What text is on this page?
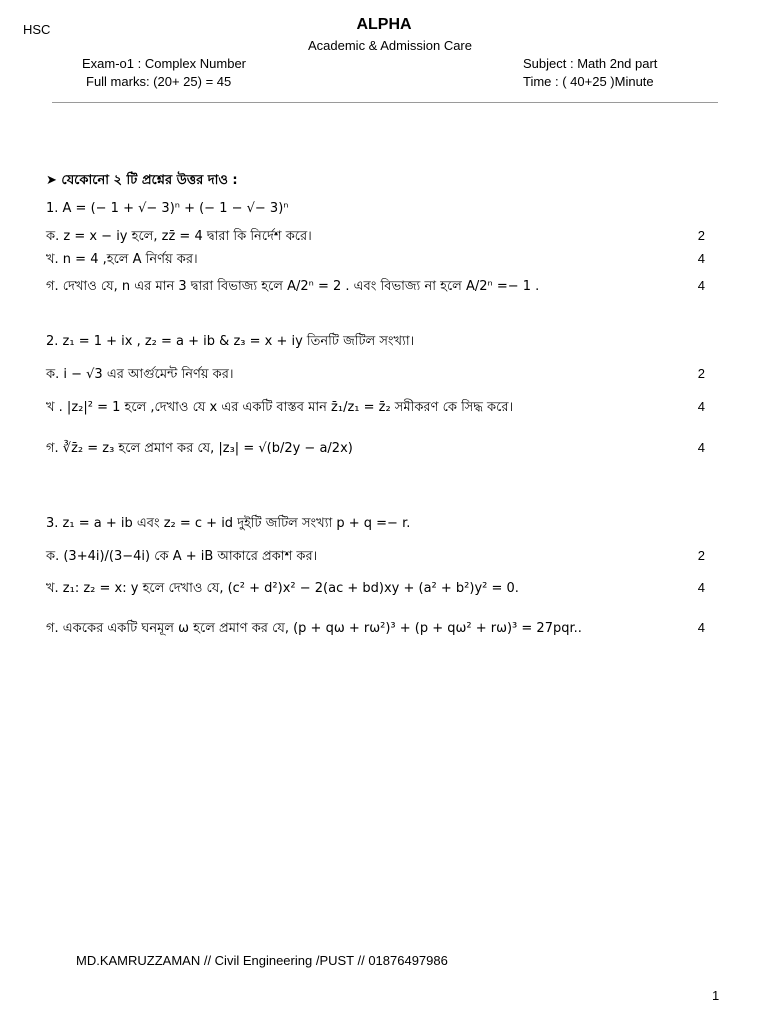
HSC	ALPHA
Academic & Admission Care
Exam-o1 : Complex Number
Full marks: (20+ 25) = 45
Subject : Math 2nd part
Time : ( 40+25 )Minute
➤ যেকোনো ২ টি প্রশ্নের উত্তর দাও :
1. A = (− 1 + √− 3)ⁿ + (− 1 − √− 3)ⁿ
ক. z = x − iy হলে, zz̄ = 4 দ্বারা কি নির্দেশ করে।	2
খ. n = 4 ,হলে A নির্ণয় কর।	4
গ. দেখাও যে, n এর মান 3 দ্বারা বিভাজ্য হলে A/2ⁿ = 2 . এবং বিভাজ্য না হলে A/2ⁿ =− 1 .	4
2. z₁ = 1 + ix , z₂ = a + ib & z₃ = x + iy তিনটি জটিল সংখ্যা।
ক. i − √3 এর আর্গুমেন্ট নির্ণয় কর।	2
খ . |z₂|² = 1 হলে ,দেখাও যে x এর একটি বাস্তব মান z̄₁/z₁ = z̄₂ সমীকরণ কে সিদ্ধ করে।	4
গ. ∛z̄₂ = z₃ হলে প্রমাণ কর যে, |z₃| = √(b/2y − a/2x)	4
3. z₁ = a + ib এবং z₂ = c + id দুইটি জটিল সংখ্যা p + q =− r.
ক. (3+4i)/(3−4i) কে A + iB আকারে প্রকাশ কর।	2
খ. z₁: z₂ = x: y হলে দেখাও যে, (c² + d²)x² − 2(ac + bd)xy + (a² + b²)y² = 0.	4
গ. এককের একটি ঘনমূল ω হলে প্রমাণ কর যে, (p + qω + rω²)³ + (p + qω² + rω)³ = 27pqr..	4
MD.KAMRUZZAMAN // Civil Engineering /PUST // 01876497986
1
